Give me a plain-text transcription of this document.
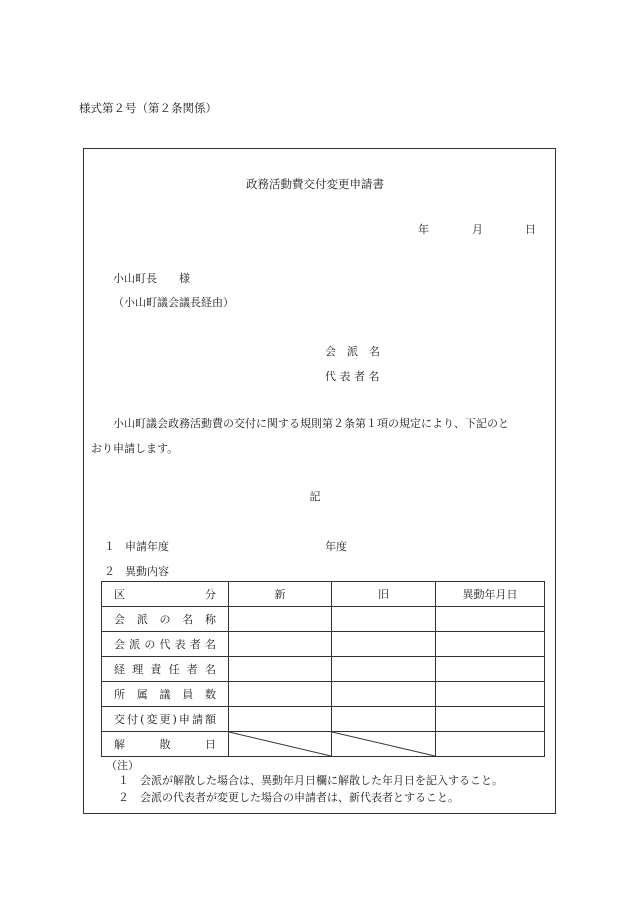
様式第２号（第２条関係）
政務活動費交付変更申請書
年	月	日
小山町長　　様
（小山町議会議長経由）
会　派　名
代 表 者 名
小山町議会政務活動費の交付に関する規則第２条第１項の規定により、下記のと
おり申請します。
記
１ 申請年度	年度
２ 異動内容
区　　分	新	旧	異動年月日
会派の名称			
会派の代表者名			
経理責任者名			
所属議員数			
交付(変更)申請額			
解散日	

（注）
１　会派が解散した場合は、異動年月日欄に解散した年月日を記入すること。
２　会派の代表者が変更した場合の申請者は、新代表者とすること。
